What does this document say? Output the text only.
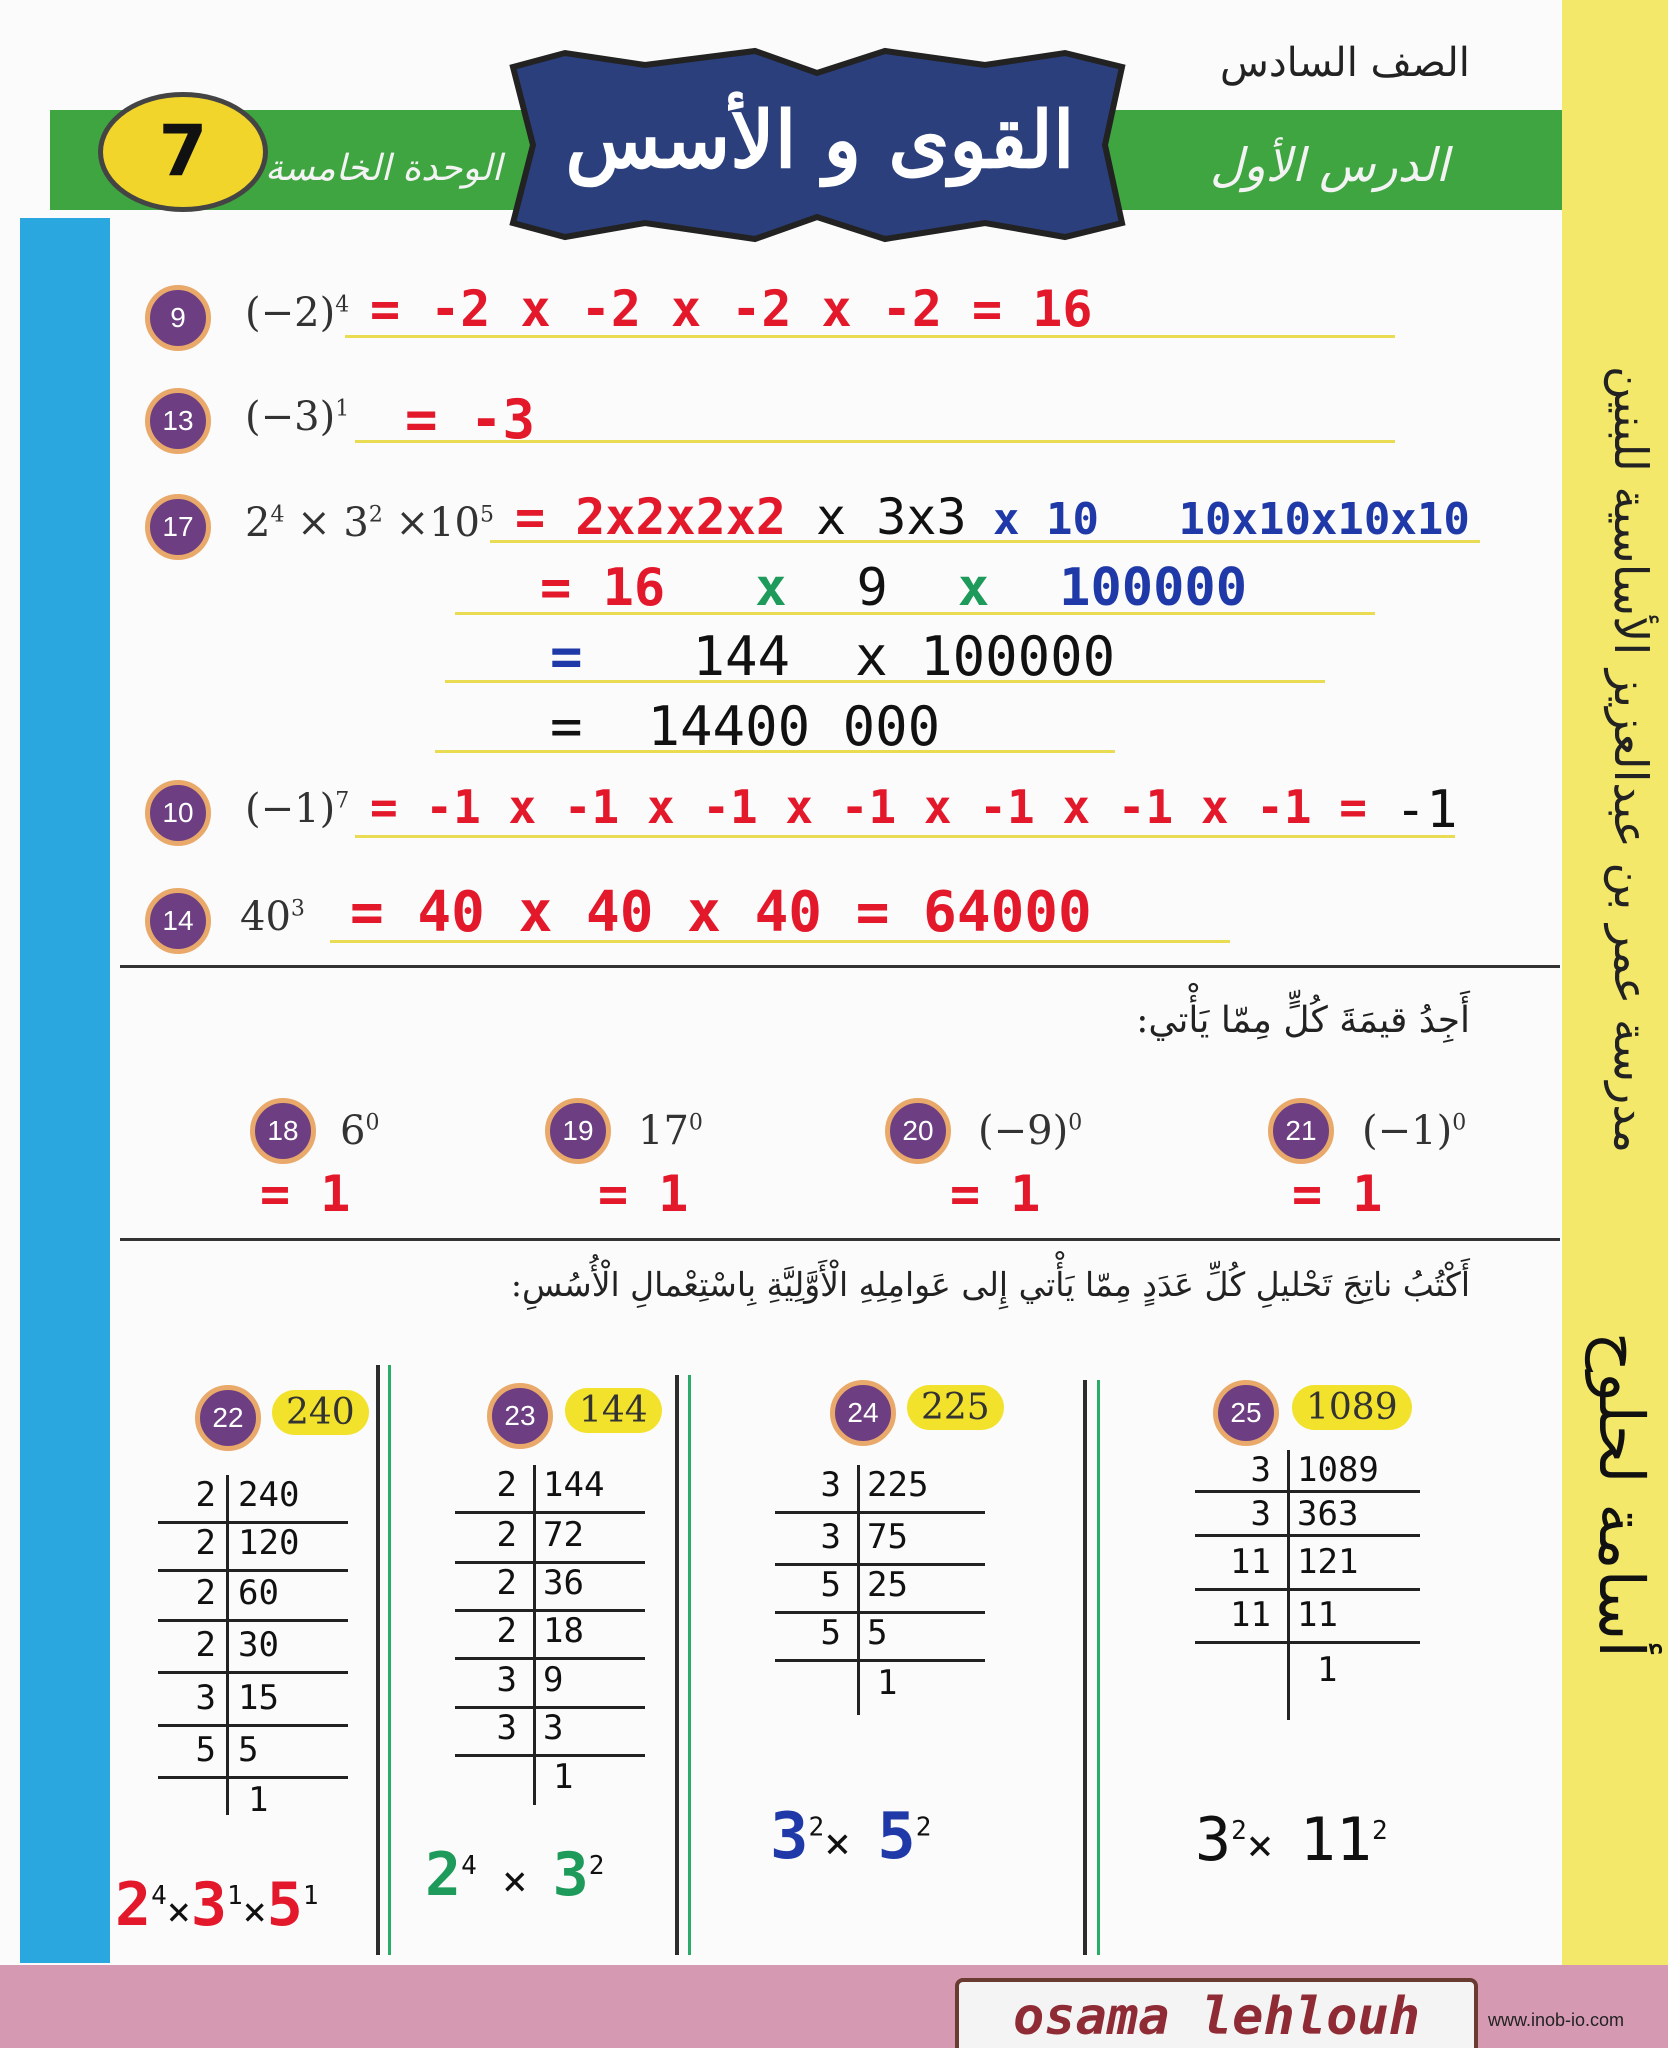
الصف السادس
الدرس الأول
الوحدة الخامسة
7	القوى و الأسس
مدرسة عمر بن عبدالعزيز الأساسية للبنين
أسامة لحلوح
9	$(-2)^4 = -2$ x -2 x -2 x -2 = 16
13	$(-3)^1 = -3$
17	$2^4 \times 3^2 \times 10^5 = 2x2x2x2$ x 3x3 x 10   10x10x10x10
= 16 x 9 x 100000
= 144  x 100000
=  14400 000
10	$(-1)^7 = -1$ x -1 x -1 x -1 x -1 x -1 x -1 = -1
14	$40^3 = 40$ x 40 x 40 = 64000
أَجِدُ قيمَةَ كُلٍّ مِمّا يَأْتي:
18	$6^0$
= 1
19	$17^0$
= 1
20	$(-9)^0$
= 1
21	$(-1)^0$
= 1
أَكْتُبُ ناتِجَ تَحْليلِ كُلِّ عَدَدٍ مِمّا يَأْتي إِلى عَوامِلِهِ الْأَوَّلِيَّةِ بِاسْتِعْمالِ الْأُسُسِ:
22	240
2 240
2 120
2 60
2 30
3 15
5 5
1
$2^4\times 3^1\times 5^1$
23	144
2 144
2 72
2 36
2 18
3 9
3 3
1
$2^4 \times 3^2$
24	225
3 225
3 75
5 25
5 5
1
$3^2\times 5^2$
25	1089
3 1089
3 363
11 121
11 11
1
$3^2\times 11^2$
osama lehlouh	www.inob-io.com
